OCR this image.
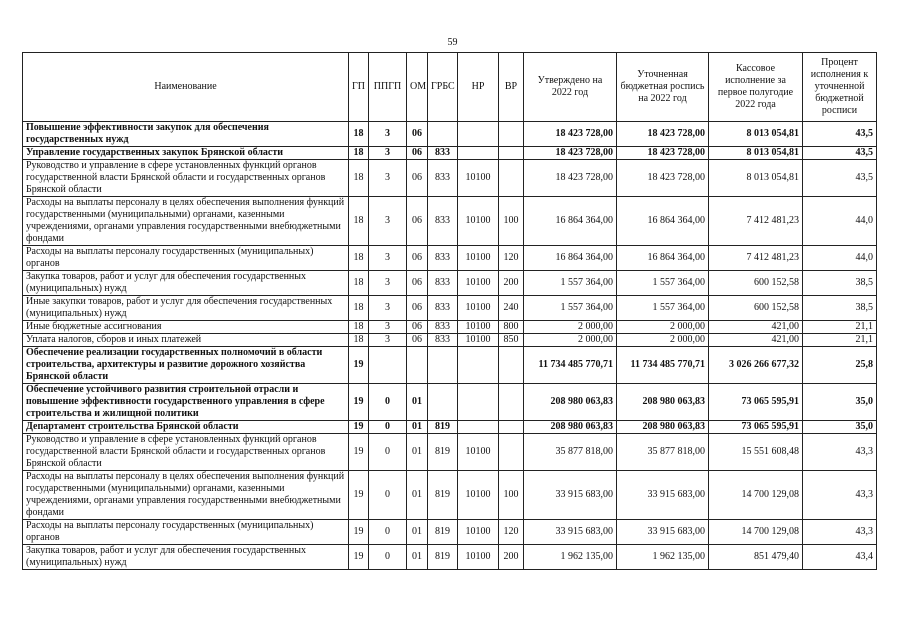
59
Наименование	ГП	ППГП	ОМ	ГРБС	НР	ВР	Утверждено на 2022 год	Уточненная бюджетная роспись на 2022 год	Кассовое исполнение за первое полугодие 2022 года	Процент исполнения к уточненной бюджетной росписи
Повышение эффективности закупок для обеспечения государственных нужд	18	3	06				18 423 728,00	18 423 728,00	8 013 054,81	43,5
Управление государственных закупок Брянской области	18	3	06	833			18 423 728,00	18 423 728,00	8 013 054,81	43,5
Руководство и управление в сфере установленных функций органов государственной власти Брянской области и государственных органов Брянской области	18	3	06	833	10100		18 423 728,00	18 423 728,00	8 013 054,81	43,5
Расходы на выплаты персоналу в целях обеспечения выполнения функций государственными (муниципальными) органами, казенными учреждениями, органами управления государственными внебюджетными фондами	18	3	06	833	10100	100	16 864 364,00	16 864 364,00	7 412 481,23	44,0
Расходы на выплаты персоналу государственных (муниципальных) органов	18	3	06	833	10100	120	16 864 364,00	16 864 364,00	7 412 481,23	44,0
Закупка товаров, работ и услуг для обеспечения государственных (муниципальных) нужд	18	3	06	833	10100	200	1 557 364,00	1 557 364,00	600 152,58	38,5
Иные закупки товаров, работ и услуг для обеспечения государственных (муниципальных) нужд	18	3	06	833	10100	240	1 557 364,00	1 557 364,00	600 152,58	38,5
Иные бюджетные ассигнования	18	3	06	833	10100	800	2 000,00	2 000,00	421,00	21,1
Уплата налогов, сборов и иных платежей	18	3	06	833	10100	850	2 000,00	2 000,00	421,00	21,1
Обеспечение реализации государственных полномочий в области строительства, архитектуры и развитие дорожного хозяйства Брянской области	19						11 734 485 770,71	11 734 485 770,71	3 026 266 677,32	25,8
Обеспечение устойчивого развития строительной отрасли и повышение эффективности государственного управления в сфере строительства и жилищной политики	19	0	01				208 980 063,83	208 980 063,83	73 065 595,91	35,0
Департамент строительства Брянской области	19	0	01	819			208 980 063,83	208 980 063,83	73 065 595,91	35,0
Руководство и управление в сфере установленных функций органов государственной власти Брянской области и государственных органов Брянской области	19	0	01	819	10100		35 877 818,00	35 877 818,00	15 551 608,48	43,3
Расходы на выплаты персоналу в целях обеспечения выполнения функций государственными (муниципальными) органами, казенными учреждениями, органами управления государственными внебюджетными фондами	19	0	01	819	10100	100	33 915 683,00	33 915 683,00	14 700 129,08	43,3
Расходы на выплаты персоналу государственных (муниципальных) органов	19	0	01	819	10100	120	33 915 683,00	33 915 683,00	14 700 129,08	43,3
Закупка товаров, работ и услуг для обеспечения государственных (муниципальных) нужд	19	0	01	819	10100	200	1 962 135,00	1 962 135,00	851 479,40	43,4
